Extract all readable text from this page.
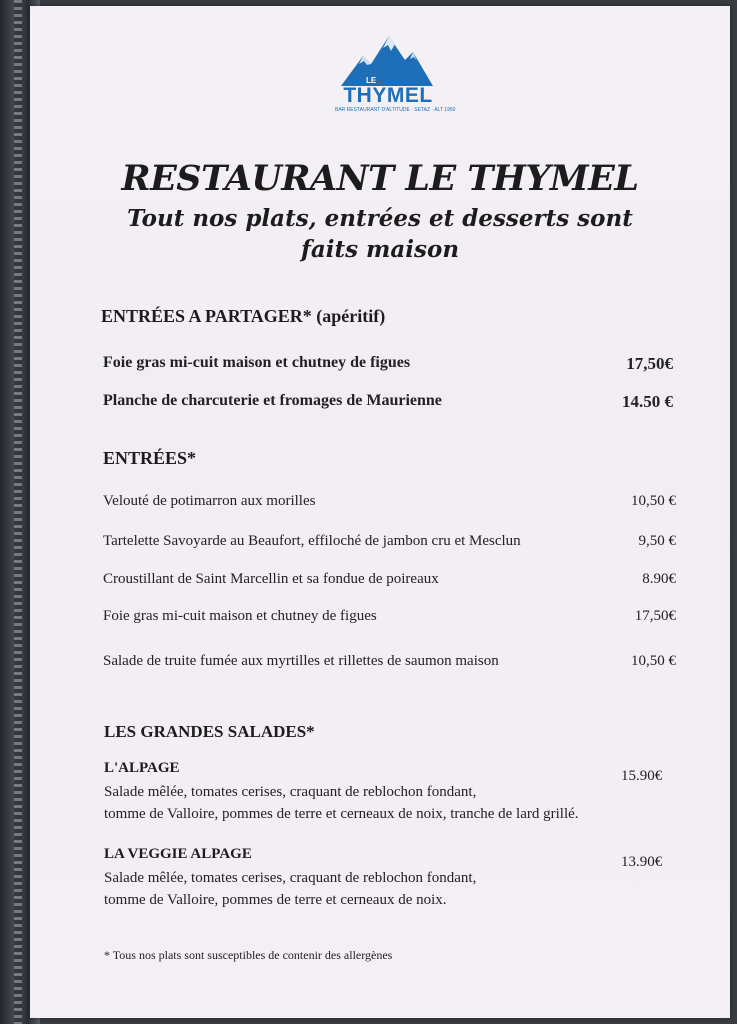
LE
THYMEL
BAR RESTAURANT D'ALTITUDE · SETAZ · ALT 1950
RESTAURANT LE THYMEL
Tout nos plats, entrées et desserts sont
faits maison
ENTRÉES A PARTAGER* (apéritif)
Foie gras mi-cuit maison et chutney de figues	17,50€
Planche de charcuterie et fromages de Maurienne	14.50 €
ENTRÉES*
Velouté de potimarron aux morilles	10,50 €
Tartelette Savoyarde au Beaufort, effiloché de jambon cru et Mesclun	9,50 €
Croustillant de Saint Marcellin et sa fondue de poireaux	8.90€
Foie gras mi-cuit maison et chutney de figues	17,50€
Salade de truite fumée aux myrtilles et rillettes de saumon maison	10,50 €
LES GRANDES SALADES*
L'ALPAGE	15.90€
Salade mêlée, tomates cerises, craquant de reblochon fondant,
tomme de Valloire, pommes de terre et cerneaux de noix, tranche de lard grillé.
LA VEGGIE ALPAGE	13.90€
Salade mêlée, tomates cerises, craquant de reblochon fondant,
tomme de Valloire, pommes de terre et cerneaux de noix.
* Tous nos plats sont susceptibles de contenir des allergènes
